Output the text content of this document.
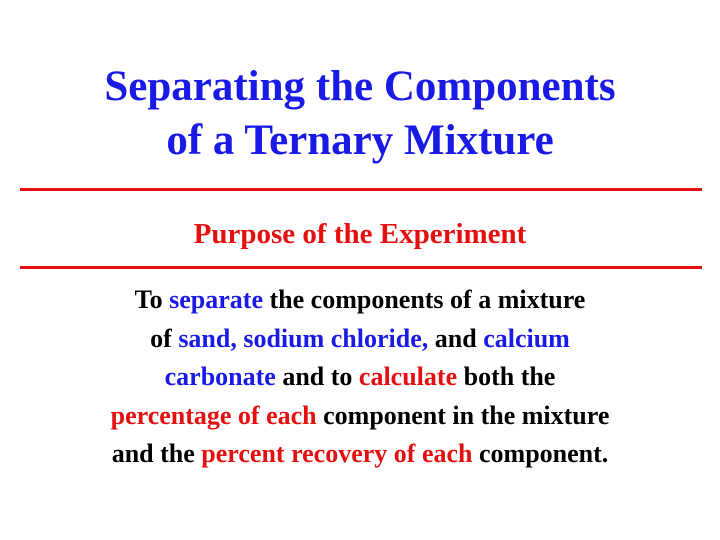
Separating the Components
of a Ternary Mixture
Purpose of the Experiment
To separate the components of a mixture
of sand, sodium chloride, and calcium
carbonate and to calculate both the
percentage of each component in the mixture
and the percent recovery of each component.
